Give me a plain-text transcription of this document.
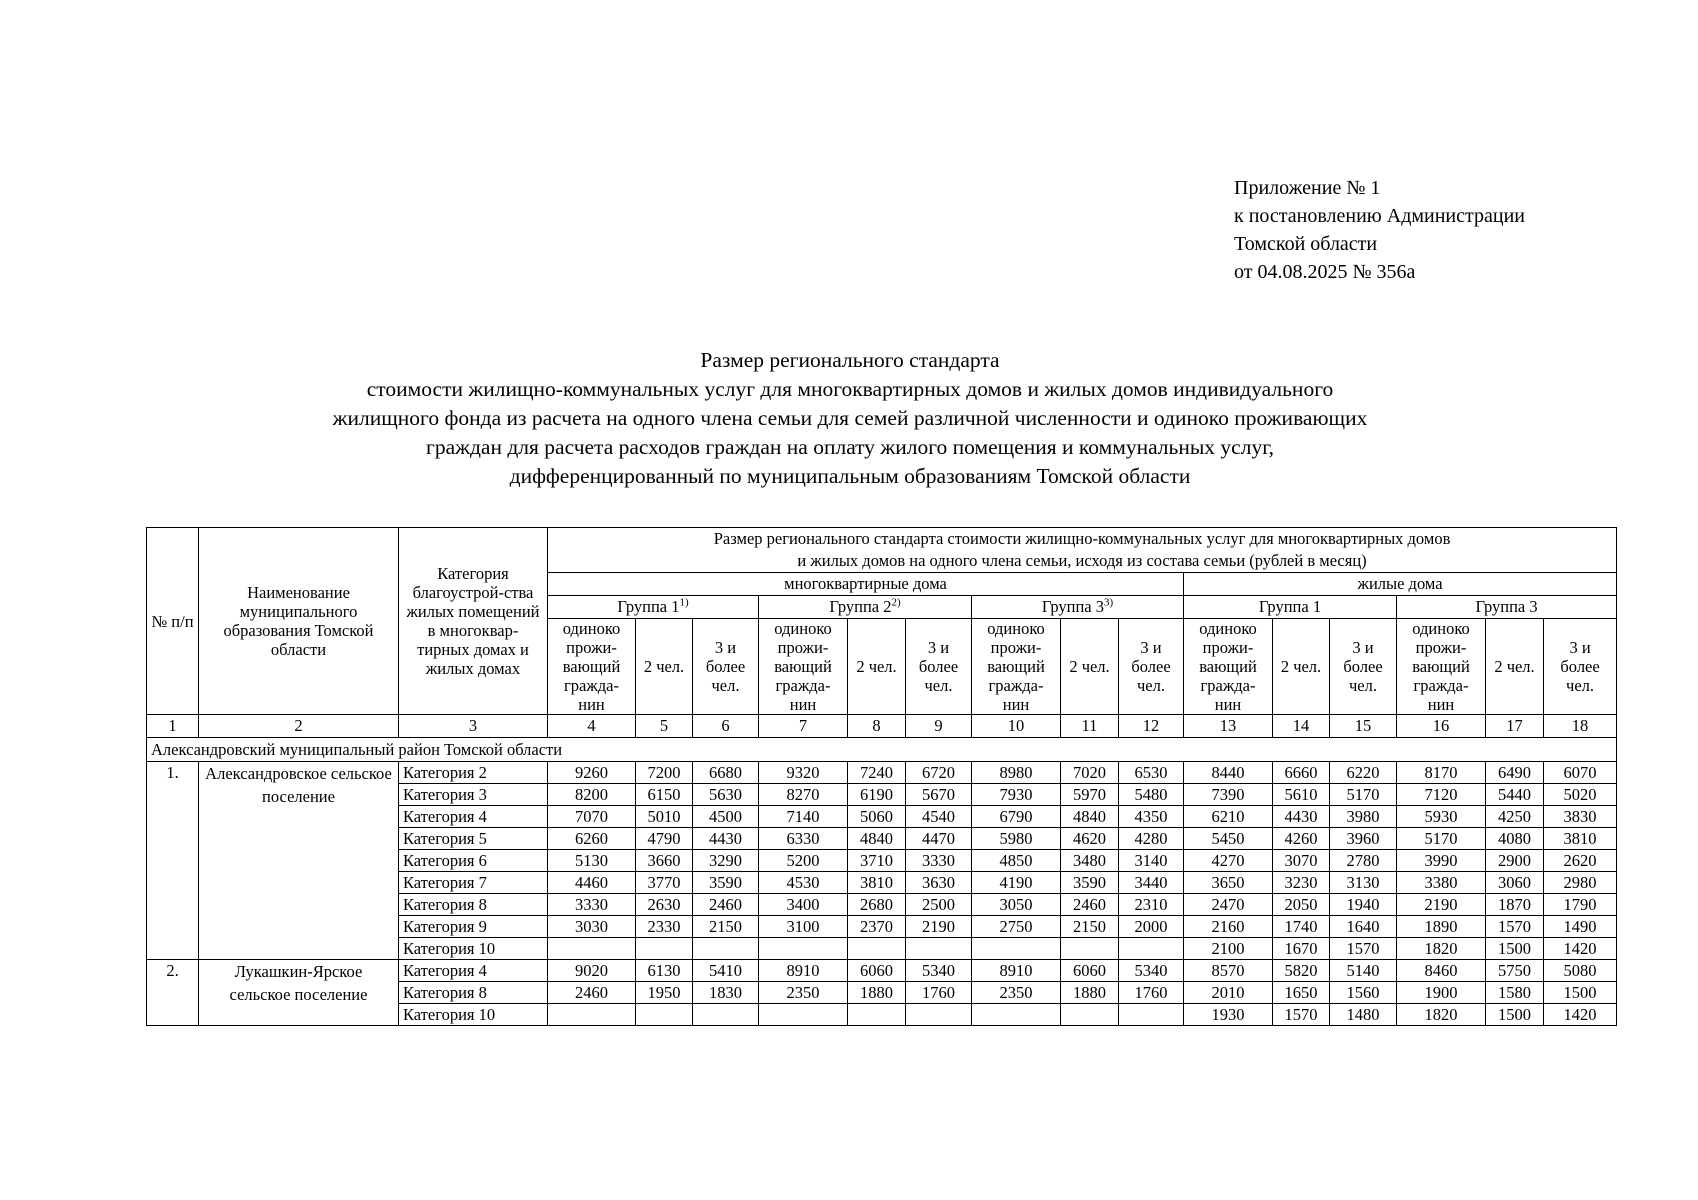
Приложение № 1
к постановлению Администрации
Томской области
от 04.08.2025 № 356а
Размер регионального стандарта
стоимости жилищно-коммунальных услуг для многоквартирных домов и жилых домов индивидуального
жилищного фонда из расчета на одного члена семьи для семей различной численности и одиноко проживающих
граждан для расчета расходов граждан на оплату жилого помещения и коммунальных услуг,
дифференцированный по муниципальным образованиям Томской области
№ п/п	Наименование муниципального образования Томской области	Категория благоустрой-ства жилых помещений в многоквар-тирных домах и жилых домах	Размер регионального стандарта стоимости жилищно-коммунальных услуг для многоквартирных домов
и жилых домов на одного члена семьи, исходя из состава семьи (рублей в месяц)														

			многоквартирные дома									жилые дома					
			Группа 1$^{1)}$			Группа 2$^{2)}$			Группа 3$^{3)}$			Группа 1			Группа 3		
			одиноко прожи-вающий гражда-нин	2 чел.	3 и более чел.	одиноко прожи-вающий гражда-нин	2 чел.	3 и более чел.	одиноко прожи-вающий гражда-нин	2 чел.	3 и более чел.	одиноко прожи-вающий гражда-нин	2 чел.	3 и более чел.	одиноко прожи-вающий гражда-нин	2 чел.	3 и более чел.
1	2	3	4	5	6	7	8	9	10	11	12	13	14	15	16	17	18
Александровский муниципальный район Томской области																	
1.	Александровское сельское поселение	Категория 2	9260	7200	6680	9320	7240	6720	8980	7020	6530	8440	6660	6220	8170	6490	6070
		Категория 3	8200	6150	5630	8270	6190	5670	7930	5970	5480	7390	5610	5170	7120	5440	5020
		Категория 4	7070	5010	4500	7140	5060	4540	6790	4840	4350	6210	4430	3980	5930	4250	3830
		Категория 5	6260	4790	4430	6330	4840	4470	5980	4620	4280	5450	4260	3960	5170	4080	3810
		Категория 6	5130	3660	3290	5200	3710	3330	4850	3480	3140	4270	3070	2780	3990	2900	2620
		Категория 7	4460	3770	3590	4530	3810	3630	4190	3590	3440	3650	3230	3130	3380	3060	2980
		Категория 8	3330	2630	2460	3400	2680	2500	3050	2460	2310	2470	2050	1940	2190	1870	1790
		Категория 9	3030	2330	2150	3100	2370	2190	2750	2150	2000	2160	1740	1640	1890	1570	1490
		Категория 10										2100	1670	1570	1820	1500	1420
2.	Лукашкин-Ярское сельское поселение	Категория 4	9020	6130	5410	8910	6060	5340	8910	6060	5340	8570	5820	5140	8460	5750	5080
		Категория 8	2460	1950	1830	2350	1880	1760	2350	1880	1760	2010	1650	1560	1900	1580	1500
		Категория 10										1930	1570	1480	1820	1500	1420
